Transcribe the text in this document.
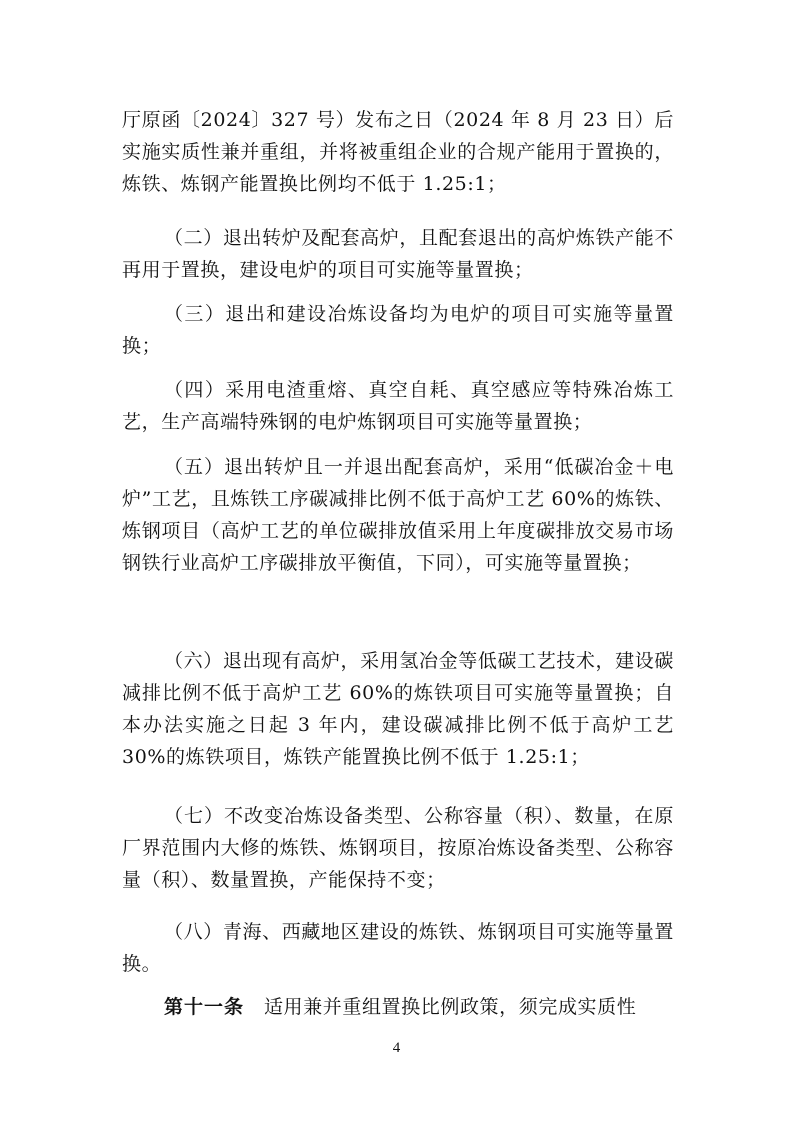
厅原函〔2024〕327 号）发布之日（2024 年 8 月 23 日）后实施实质性兼并重组，并将被重组企业的合规产能用于置换的，炼铁、炼钢产能置换比例均不低于 1.25:1；

（二）退出转炉及配套高炉，且配套退出的高炉炼铁产能不再用于置换，建设电炉的项目可实施等量置换；

（三）退出和建设冶炼设备均为电炉的项目可实施等量置换；

（四）采用电渣重熔、真空自耗、真空感应等特殊冶炼工艺，生产高端特殊钢的电炉炼钢项目可实施等量置换；

（五）退出转炉且一并退出配套高炉，采用“低碳冶金＋电炉”工艺，且炼铁工序碳减排比例不低于高炉工艺 60%的炼铁、炼钢项目（高炉工艺的单位碳排放值采用上年度碳排放交易市场钢铁行业高炉工序碳排放平衡值，下同），可实施等量置换；

（六）退出现有高炉，采用氢冶金等低碳工艺技术，建设碳减排比例不低于高炉工艺 60%的炼铁项目可实施等量置换；自本办法实施之日起 3 年内，建设碳减排比例不低于高炉工艺 30%的炼铁项目，炼铁产能置换比例不低于 1.25:1；

（七）不改变冶炼设备类型、公称容量（积）、数量，在原厂界范围内大修的炼铁、炼钢项目，按原冶炼设备类型、公称容量（积）、数量置换，产能保持不变；

（八）青海、西藏地区建设的炼铁、炼钢项目可实施等量置换。

第十一条 适用兼并重组置换比例政策，须完成实质性

4
